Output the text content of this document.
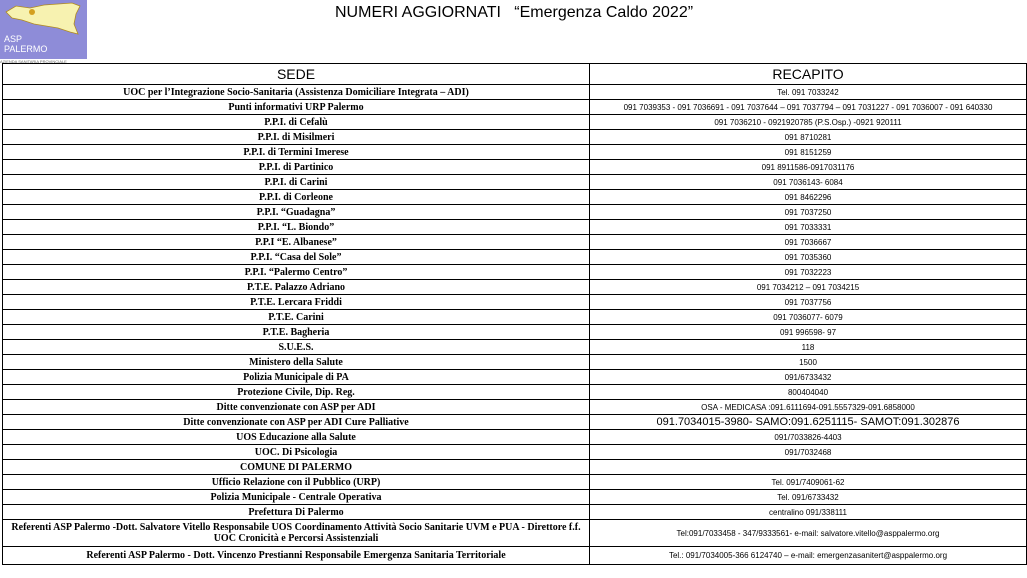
ASP
PALERMO
AZIENDA SANITARIA PROVINCIALE
NUMERI AGGIORNATI   “Emergenza Caldo 2022”
SEDE	RECAPITO
UOC per l’Integrazione Socio-Sanitaria (Assistenza Domiciliare Integrata – ADI)	Tel. 091 7033242
Punti informativi URP Palermo	091 7039353 - 091 7036691 - 091 7037644 – 091 7037794 – 091 7031227 - 091 7036007 - 091 640330
P.P.I. di Cefalù	091 7036210 - 0921920785 (P.S.Osp.) -0921 920111
P.P.I. di Misilmeri	091 8710281
P.P.I. di Termini Imerese	091 8151259
P.P.I. di Partinico	091 8911586-0917031176
P.P.I. di Carini	091 7036143- 6084
P.P.I. di Corleone	091 8462296
P.P.I. “Guadagna”	091 7037250
P.P.I. “L. Biondo”	091 7033331
P.P.I “E. Albanese”	091 7036667
P.P.I. “Casa del Sole”	091 7035360
P.P.I. “Palermo Centro”	091 7032223
P.T.E. Palazzo Adriano	091 7034212 – 091 7034215
P.T.E. Lercara Friddi	091 7037756
P.T.E. Carini	091 7036077- 6079
P.T.E. Bagheria	091 996598- 97
S.U.E.S.	118
Ministero della Salute	1500
Polizia Municipale di PA	091/6733432
Protezione Civile, Dip. Reg.	800404040
Ditte convenzionate con ASP per ADI	OSA - MEDICASA :091.6111694-091.5557329-091.6858000
Ditte convenzionate con ASP per ADI Cure Palliative	091.7034015-3980- SAMO:091.6251115- SAMOT:091.302876
UOS Educazione alla Salute	091/7033826-4403
UOC. Di Psicologia	091/7032468
COMUNE DI PALERMO	
Ufficio Relazione con il Pubblico (URP)	Tel. 091/7409061-62
Polizia Municipale - Centrale Operativa	Tel. 091/6733432
Prefettura Di Palermo	centralino 091/338111
Referenti ASP Palermo -Dott. Salvatore Vitello Responsabile UOS Coordinamento Attività Socio Sanitarie UVM e PUA - Direttore f.f. UOC Cronicità e Percorsi Assistenziali	Tel:091/7033458 - 347/9333561- e-mail: salvatore.vitello@asppalermo.org
Referenti ASP Palermo - Dott. Vincenzo Prestianni Responsabile Emergenza Sanitaria Territoriale	Tel.: 091/7034005-366 6124740 – e-mail: emergenzasanitert@asppalermo.org
